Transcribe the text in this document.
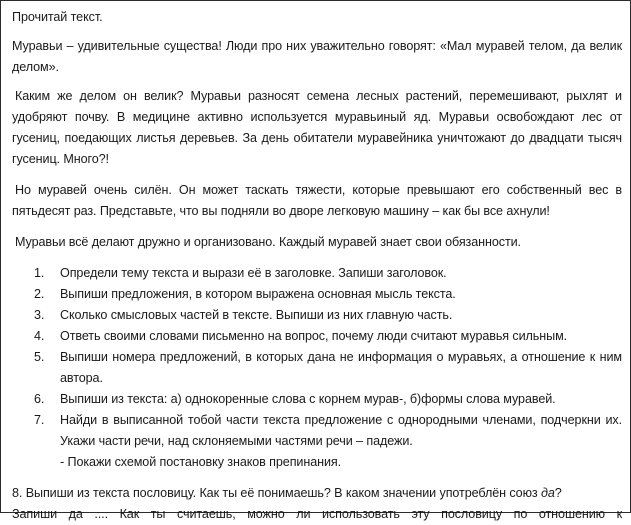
Прочитай текст.

Муравьи – удивительные существа! Люди про них уважительно говорят: «Мал муравей телом, да велик делом».

Каким же делом он велик? Муравьи разносят семена лесных растений, перемешивают, рыхлят и удобряют почву. В медицине активно используется муравьиный яд. Муравьи освобождают лес от гусениц, поедающих листья деревьев. За день обитатели муравейника уничтожают до двадцати тысяч гусениц. Много?!

Но муравей очень силён. Он может таскать тяжести, которые превышают его собственный вес в пятьдесят раз. Представьте, что вы подняли во дворе легковую машину – как бы все ахнули!

Муравьи всё делают дружно и организовано. Каждый муравей знает свои обязанности.

1. Определи тему текста и вырази её в заголовке. Запиши заголовок.
2. Выпиши предложения, в котором выражена основная мысль текста.
3. Сколько смысловых частей в тексте. Выпиши из них главную часть.
4. Ответь своими словами письменно на вопрос, почему люди считают муравья сильным.
5. Выпиши номера предложений, в которых дана не информация о муравьях, а отношение к ним автора.
6. Выпиши из текста: а) однокоренные слова с корнем мурав-, б)формы слова муравей.
7. Найди в выписанной тобой части текста предложение с однородными членами, подчеркни их. Укажи части речи, над склоняемыми частями речи – падежи.
- Покажи схемой постановку знаков препинания.

8. Выпиши из текста пословицу. Как ты её понимаешь? В каком значении употреблён союз да?

Запиши да .... Как ты считаешь, можно ли использовать эту пословицу по отношению к
